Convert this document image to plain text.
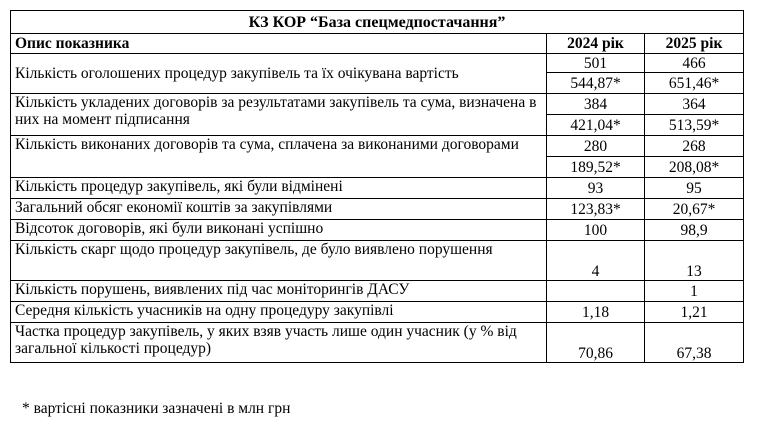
КЗ КОР “База спецмедпостачання”		
Опис показника	2024 рік	2025 рік
Кількість оголошених процедур закупівель та їх очікувана вартість	501	466
	544,87*	651,46*
Кількість укладених договорів за результатами закупівель та сума, визначена в них на момент підписання	384	364
	421,04*	513,59*
Кількість виконаних договорів та сума, сплачена за виконаними договорами	280	268
	189,52*	208,08*
Кількість процедур закупівель, які були відмінені	93	95
Загальний обсяг економії коштів за закупівлями	123,83*	20,67*
Відсоток договорів, які були виконані успішно	100	98,9
Кількість скарг щодо процедур закупівель, де було виявлено порушення	4	13
Кількість порушень, виявлених під час моніторингів ДАСУ		1
Середня кількість учасників на одну процедуру закупівлі	1,18	1,21
Частка процедур закупівель, у яких взяв участь лише один учасник (у % від загальної кількості процедур)	70,86	67,38
* вартісні показники зазначені в млн грн
